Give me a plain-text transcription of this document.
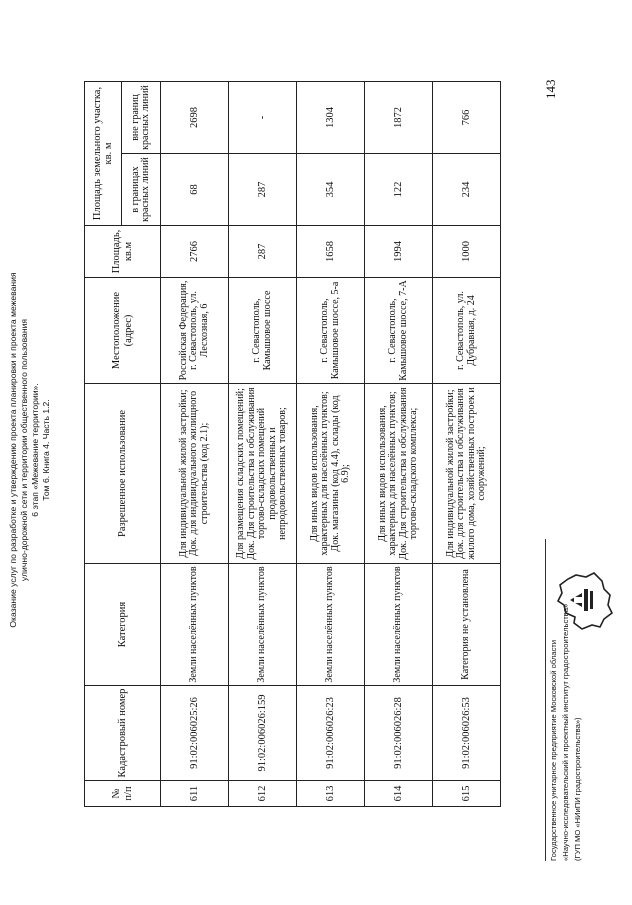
Оказание услуг по разработке и утверждению проекта планировки и проекта межевания улично-дорожной сети и территории общественного пользования 6 этап «Межевание территории». Том 6. Книга 4. Часть 1.2.
№ п/п	Кадастровый номер	Категория	Разрешенное использование	Местоположение (адрес)	Площадь, кв.м	Площадь земельного участка, кв. м	
						в границах красных линий	вне границ красных линий
611	91:02:006025:26	Земли населённых пунктов	Для индивидуальной жилой застройки; Док. для индивидуального жилищного строительства (код 2.1);	Российская Федерация, г. Севастополь, ул. Лесхозная, 6	2766	68	2698
612	91:02:006026:159	Земли населённых пунктов	Для размещения складских помещений; Док. Для строительства и обслуживания торгово-складских помещений продовольственных и непродовольственных товаров;	г. Севастополь, Камышовое шоссе	287	287	-
613	91:02:006026:23	Земли населённых пунктов	Для иных видов использования, характерных для населённых пунктов; Док. магазины (код 4.4), склады (код 6.9);	г. Севастополь, Камышовое шоссе, 5-а	1658	354	1304
614	91:02:006026:28	Земли населённых пунктов	Для иных видов использования, характерных для населённых пунктов; Док. Для строительства и обслуживания торгово-складского комплекса;	г. Севастополь, Камышовое шоссе, 7-А	1994	122	1872
615	91:02:006026:53	Категория не установлена	Для индивидуальной жилой застройки; Док. для строительства и обслуживания жилого дома, хозяйственных построек и сооружений;	г. Севастополь, ул. Дубравная, д. 24	1000	234	766
143
Государственное унитарное предприятие Московской области «Научно-исследовательский и проектный институт градостроительства» (ГУП МО «НИиПИ градостроительства»)
